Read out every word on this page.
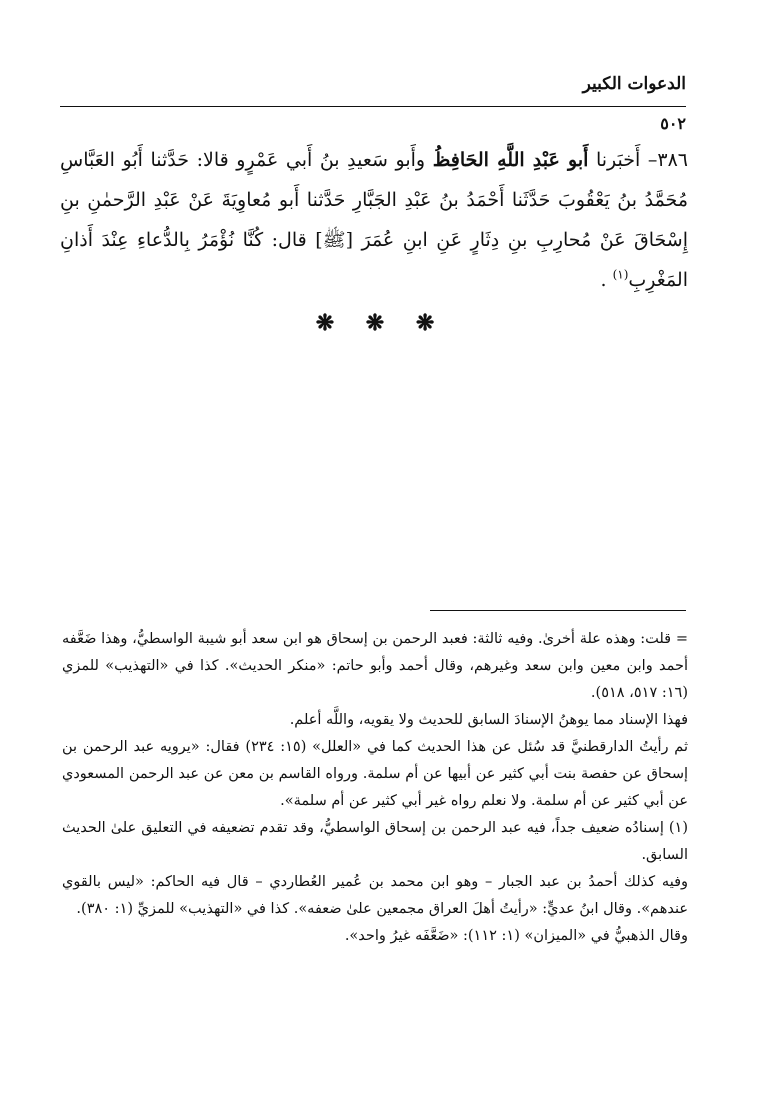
الدعوات الكبير
٥٠٢

٣٨٦– أَخبَرنا أَبو عَبْدِ اللَّهِ الحَافِظُ وأَبو سَعيدِ بنُ أَبي عَمْرٍو قالا: حَدَّثنا أَبُو العَبَّاسِ مُحَمَّدُ بنُ يَعْقُوبَ حَدَّثَنا أَحْمَدُ بنُ عَبْدِ الجَبَّارِ حَدَّثنا أَبو مُعاوِيَةَ عَنْ عَبْدِ الرَّحمٰنِ بنِ إِسْحَاقَ عَنْ مُحارِبِ بنِ دِثَارٍ عَنِ ابنِ عُمَرَ [ﷺ] قال: كُنَّا نُؤْمَرُ بِالدُّعاءِ عِنْدَ أَذانِ المَغْرِبِ$^{(١)}$ .

❋ ❋ ❋

= قلت: وهذه علة أخرىٰ. وفيه ثالثة: فعبد الرحمن بن إسحاق هو ابن سعد أبو شيبة الواسطيُّ، وهذا ضَعَّفه أحمد وابن معين وابن سعد وغيرهم، وقال أحمد وأبو حاتم: «منكر الحديث». كذا في «التهذيب» للمزي (١٦: ٥١٧، ٥١٨).

فهذا الإسناد مما يوهنُ الإسنادَ السابق للحديث ولا يقويه، واللَّه أعلم.

ثم رأيتُ الدارقطنيَّ قد سُئل عن هذا الحديث كما في «العلل» (١٥: ٢٣٤) فقال: «يرويه عبد الرحمن بن إسحاق عن حفصة بنت أبي كثير عن أبيها عن أم سلمة. ورواه القاسم بن معن عن عبد الرحمن المسعودي عن أبي كثير عن أم سلمة. ولا نعلم رواه غير أبي كثير عن أم سلمة».

(١) إسنادُه ضعيف جداً، فيه عبد الرحمن بن إسحاق الواسطيُّ، وقد تقدم تضعيفه في التعليق علىٰ الحديث السابق.

وفيه كذلك أحمدُ بن عبد الجبار – وهو ابن محمد بن عُمير العُطاردي – قال فيه الحاكم: «ليس بالقوي عندهم». وقال ابنُ عديٍّ: «رأيتُ أهلَ العراق مجمعين علىٰ ضعفه». كذا في «التهذيب» للمزيِّ (١: ٣٨٠).

وقال الذهبيُّ في «الميزان» (١: ١١٢): «ضَعَّفَه غيرُ واحد».
